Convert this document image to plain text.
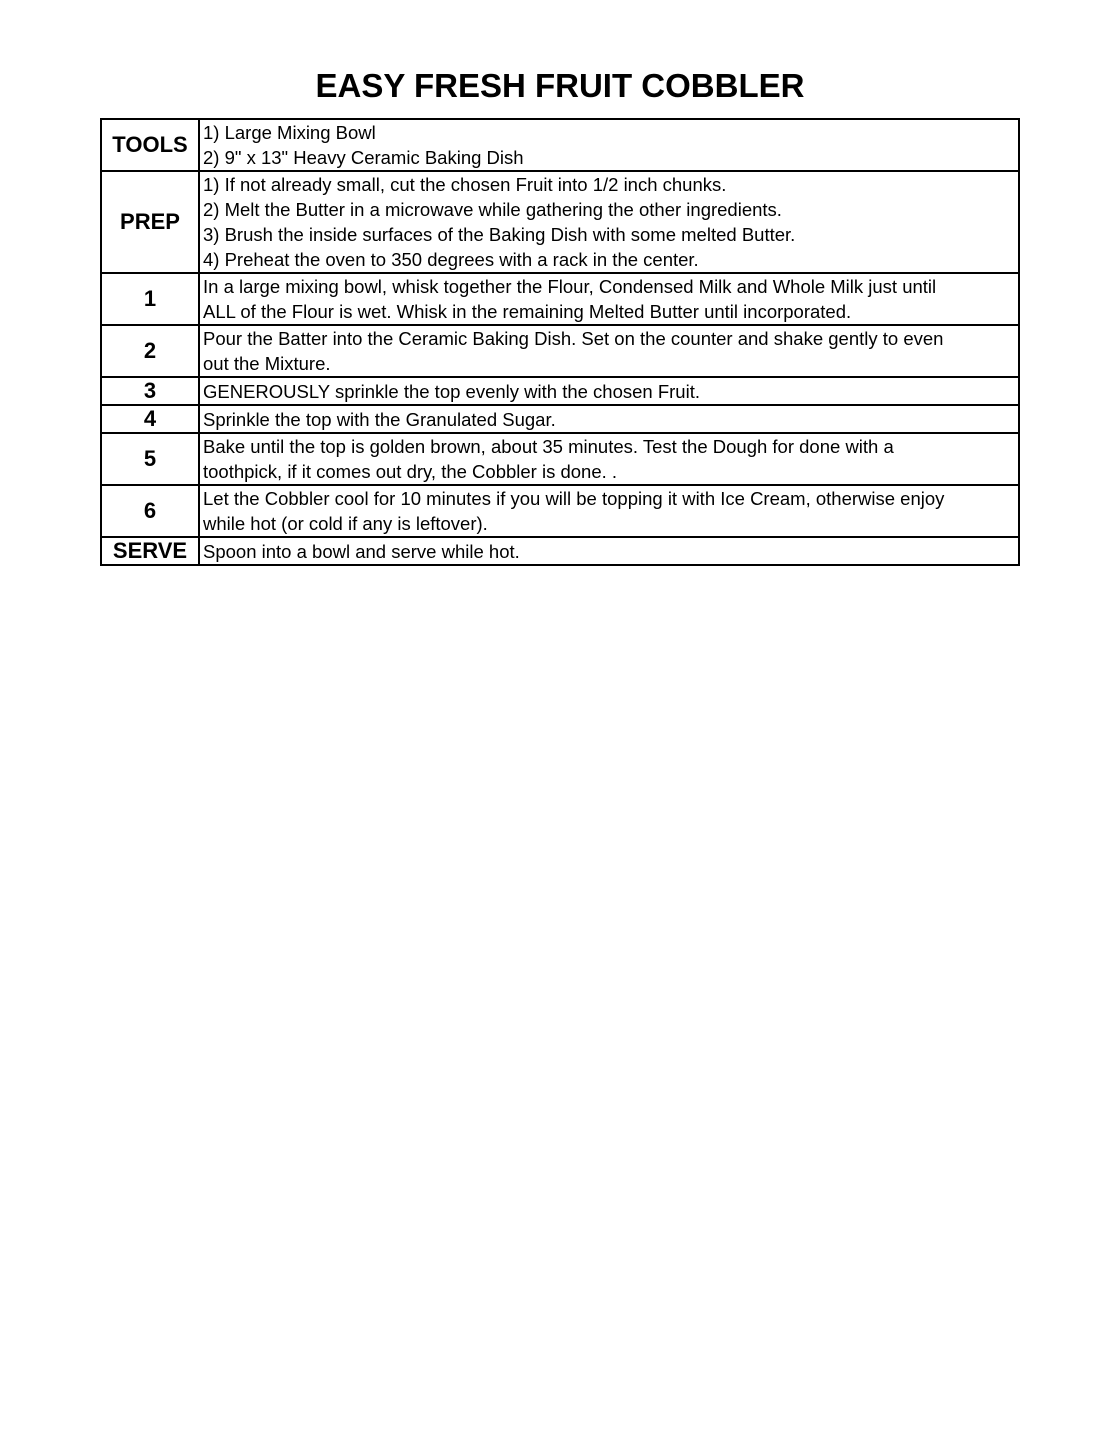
EASY FRESH FRUIT COBBLER
TOOLS	1) Large Mixing Bowl
2) 9" x 13" Heavy Ceramic Baking Dish

PREP	1) If not already small, cut the chosen Fruit into 1/2 inch chunks.
2) Melt the Butter in a microwave while gathering the other ingredients.
3) Brush the inside surfaces of the Baking Dish with some melted Butter.
4) Preheat the oven to 350 degrees with a rack in the center.

1	In a large mixing bowl, whisk together the Flour, Condensed Milk and Whole Milk just until
ALL of the Flour is wet. Whisk in the remaining Melted Butter until incorporated.

2	Pour the Batter into the Ceramic Baking Dish. Set on the counter and shake gently to even
out the Mixture.

3	GENEROUSLY sprinkle the top evenly with the chosen Fruit.

4	Sprinkle the top with the Granulated Sugar.

5	Bake until the top is golden brown, about 35 minutes. Test the Dough for done with a
toothpick, if it comes out dry, the Cobbler is done. .

6	Let the Cobbler cool for 10 minutes if you will be topping it with Ice Cream, otherwise enjoy
while hot (or cold if any is leftover).

SERVE	Spoon into a bowl and serve while hot.
